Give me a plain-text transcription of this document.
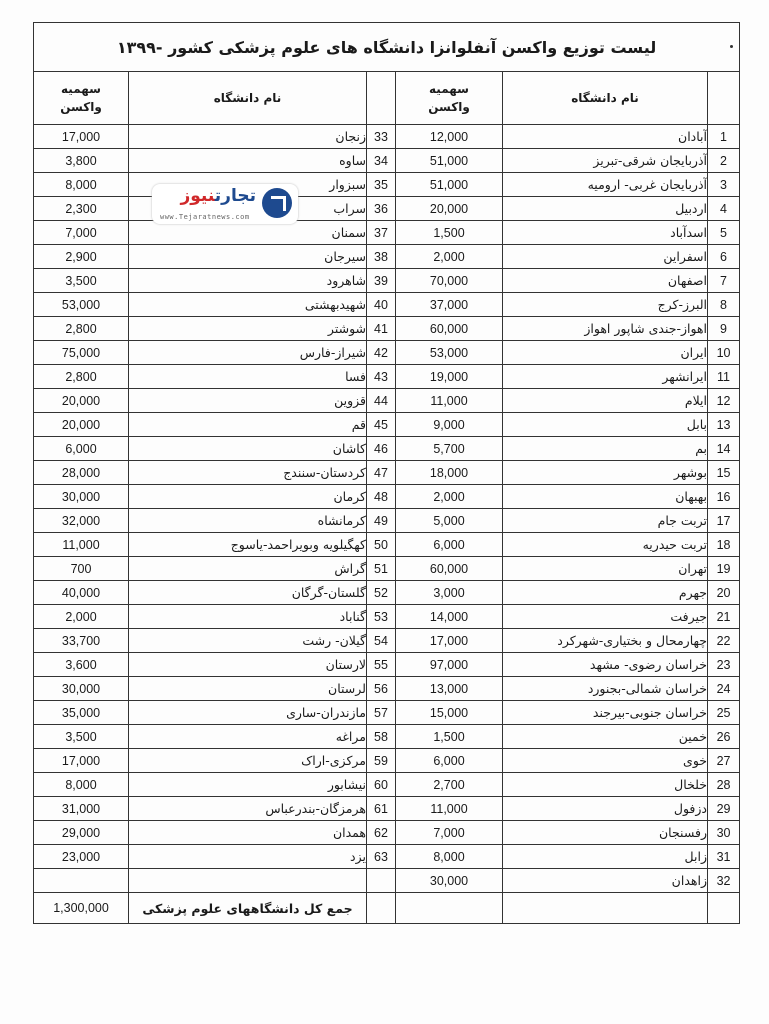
لیست توزیع واکسن آنفلوانزا دانشگاه های علوم پزشکی کشور -۱۳۹۹					

سهمیه واکسن	نام دانشگاه		سهمیه واکسن	نام دانشگاه	
17,000	زنجان	33	12,000	آبادان	1
3,800	ساوه	34	51,000	آذربایجان شرقی-تبریز	2
8,000	سبزوار	35	51,000	آذربایجان غربی- ارومیه	3
2,300	سراب	36	20,000	اردبیل	4
7,000	سمنان	37	1,500	اسدآباد	5
2,900	سیرجان	38	2,000	اسفراین	6
3,500	شاهرود	39	70,000	اصفهان	7
53,000	شهیدبهشتی	40	37,000	البرز-کرج	8
2,800	شوشتر	41	60,000	اهواز-جندی شاپور اهواز	9
75,000	شیراز-فارس	42	53,000	ایران	10
2,800	فسا	43	19,000	ایرانشهر	11
20,000	قزوین	44	11,000	ایلام	12
20,000	قم	45	9,000	بابل	13
6,000	کاشان	46	5,700	بم	14
28,000	کردستان-سنندج	47	18,000	بوشهر	15
30,000	کرمان	48	2,000	بهبهان	16
32,000	کرمانشاه	49	5,000	تربت جام	17
11,000	کهگیلویه وبویراحمد-یاسوج	50	6,000	تربت حیدریه	18
700	گراش	51	60,000	تهران	19
40,000	گلستان-گرگان	52	3,000	جهرم	20
2,000	گناباد	53	14,000	جیرفت	21
33,700	گیلان- رشت	54	17,000	چهارمحال و بختیاری-شهرکرد	22
3,600	لارستان	55	97,000	خراسان رضوی- مشهد	23
30,000	لرستان	56	13,000	خراسان شمالی-بجنورد	24
35,000	مازندران-ساری	57	15,000	خراسان جنوبی-بیرجند	25
3,500	مراغه	58	1,500	خمین	26
17,000	مرکزی-اراک	59	6,000	خوی	27
8,000	نیشابور	60	2,700	خلخال	28
31,000	هرمزگان-بندرعباس	61	11,000	دزفول	29
29,000	همدان	62	7,000	رفسنجان	30
23,000	یزد	63	8,000	زابل	31
			30,000	زاهدان	32
1,300,000	جمع کل دانشگاههای علوم پزشکی				
تجارتنیوز
www.Tejaratnews.com
